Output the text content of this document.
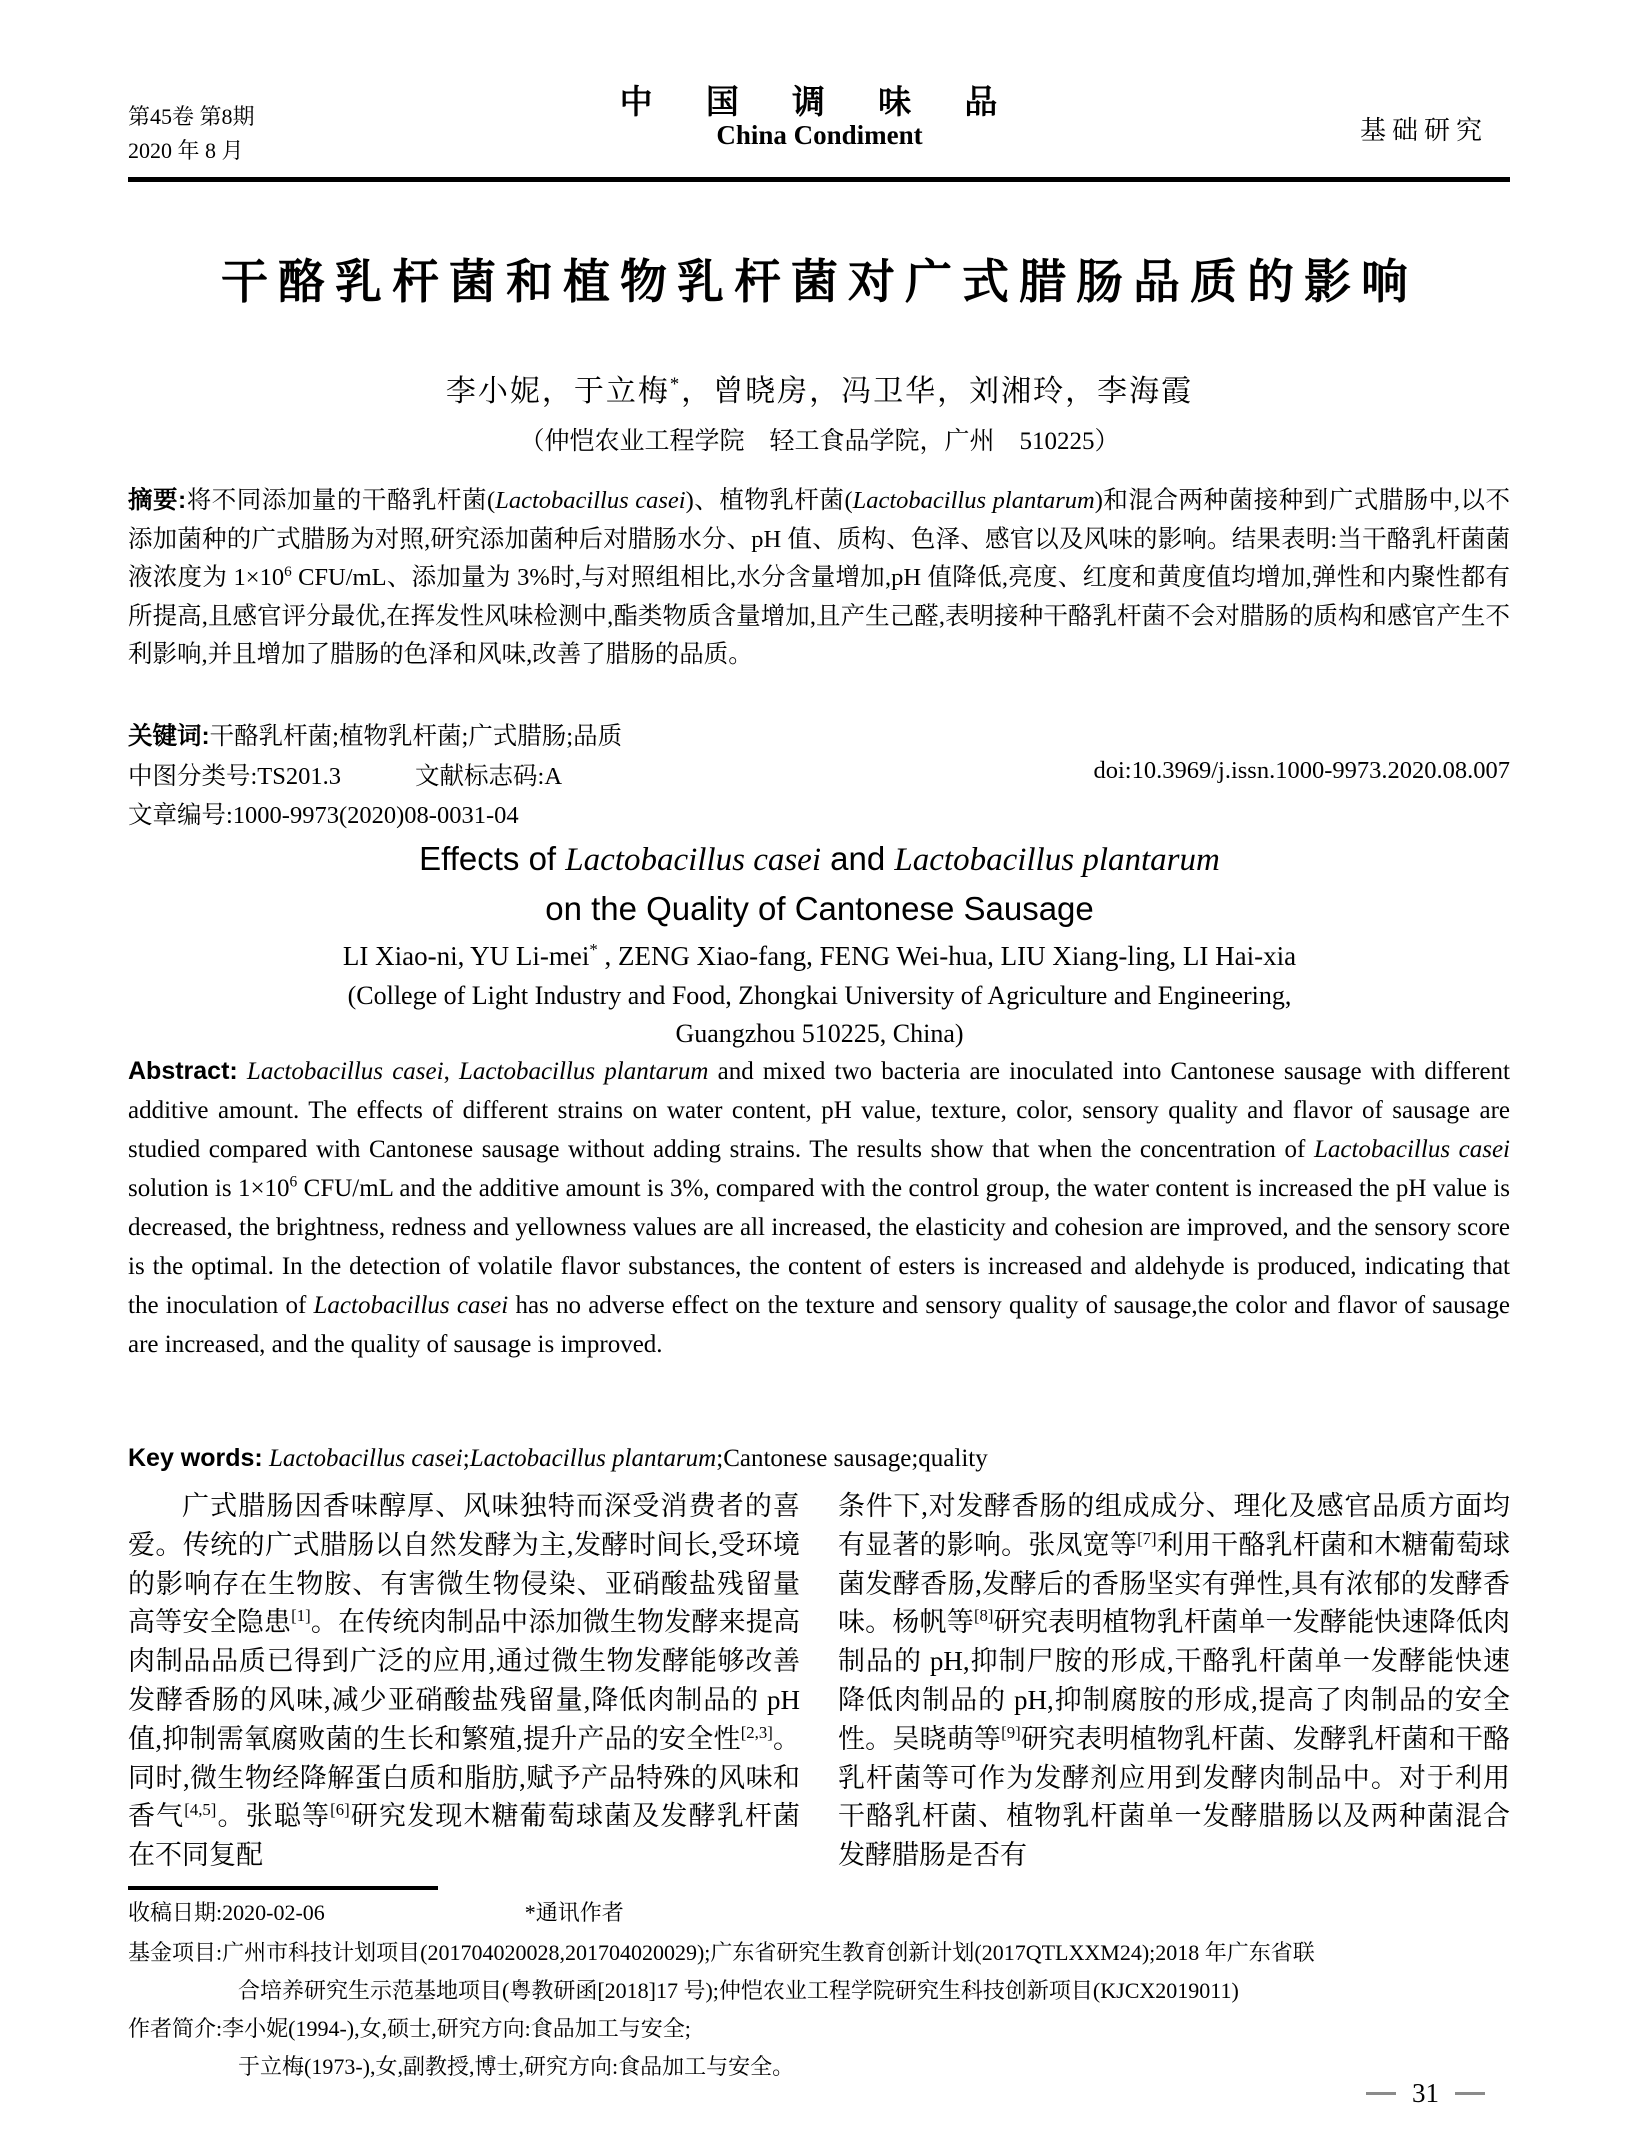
第45卷 第8期
2020 年 8 月
中 国 调 味 品
China Condiment	基础研究
干酪乳杆菌和植物乳杆菌对广式腊肠品质的影响
李小妮，于立梅*，曾晓房，冯卫华，刘湘玲，李海霞
（仲恺农业工程学院　轻工食品学院，广州　510225）
摘要:将不同添加量的干酪乳杆菌(Lactobacillus casei)、植物乳杆菌(Lactobacillus plantarum)和混合两种菌接种到广式腊肠中,以不添加菌种的广式腊肠为对照,研究添加菌种后对腊肠水分、pH 值、质构、色泽、感官以及风味的影响。结果表明:当干酪乳杆菌菌液浓度为 $1\times 10^6$ CFU/mL、添加量为 3%时,与对照组相比,水分含量增加,pH 值降低,亮度、红度和黄度值均增加,弹性和内聚性都有所提高,且感官评分最优,在挥发性风味检测中,酯类物质含量增加,且产生己醛,表明接种干酪乳杆菌不会对腊肠的质构和感官产生不利影响,并且增加了腊肠的色泽和风味,改善了腊肠的品质。
关键词:干酪乳杆菌;植物乳杆菌;广式腊肠;品质
中图分类号:TS201.3	文献标志码:A	doi:10.3969/j.issn.1000-9973.2020.08.007
文章编号:1000-9973(2020)08-0031-04
Effects of Lactobacillus casei and Lactobacillus plantarum
on the Quality of Cantonese Sausage
LI Xiao-ni, YU Li-mei* , ZENG Xiao-fang, FENG Wei-hua, LIU Xiang-ling, LI Hai-xia
(College of Light Industry and Food, Zhongkai University of Agriculture and Engineering,
Guangzhou 510225, China)
Abstract: Lactobacillus casei, Lactobacillus plantarum and mixed two bacteria are inoculated into Cantonese sausage with different additive amount. The effects of different strains on water content, pH value, texture, color, sensory quality and flavor of sausage are studied compared with Cantonese sausage without adding strains. The results show that when the concentration of Lactobacillus casei solution is $1\times 10^6$ CFU/mL and the additive amount is 3%, compared with the control group, the water content is increased the pH value is decreased, the brightness, redness and yellowness values are all increased, the elasticity and cohesion are improved, and the sensory score is the optimal. In the detection of volatile flavor substances, the content of esters is increased and aldehyde is produced, indicating that the inoculation of Lactobacillus casei has no adverse effect on the texture and sensory quality of sausage,the color and flavor of sausage are increased, and the quality of sausage is improved.
Key words: Lactobacillus casei;Lactobacillus plantarum;Cantonese sausage;quality
广式腊肠因香味醇厚、风味独特而深受消费者的喜爱。传统的广式腊肠以自然发酵为主,发酵时间长,受环境的影响存在生物胺、有害微生物侵染、亚硝酸盐残留量高等安全隐患[1]。在传统肉制品中添加微生物发酵来提高肉制品品质已得到广泛的应用,通过微生物发酵能够改善发酵香肠的风味,减少亚硝酸盐残留量,降低肉制品的 pH 值,抑制需氧腐败菌的生长和繁殖,提升产品的安全性[2,3]。同时,微生物经降解蛋白质和脂肪,赋予产品特殊的风味和香气[4,5]。张聪等[6]研究发现木糖葡萄球菌及发酵乳杆菌在不同复配
条件下,对发酵香肠的组成成分、理化及感官品质方面均有显著的影响。张凤宽等[7]利用干酪乳杆菌和木糖葡萄球菌发酵香肠,发酵后的香肠坚实有弹性,具有浓郁的发酵香味。杨帆等[8]研究表明植物乳杆菌单一发酵能快速降低肉制品的 pH,抑制尸胺的形成,干酪乳杆菌单一发酵能快速降低肉制品的 pH,抑制腐胺的形成,提高了肉制品的安全性。吴晓萌等[9]研究表明植物乳杆菌、发酵乳杆菌和干酪乳杆菌等可作为发酵剂应用到发酵肉制品中。对于利用干酪乳杆菌、植物乳杆菌单一发酵腊肠以及两种菌混合发酵腊肠是否有
收稿日期:2020-02-06	*通讯作者
基金项目:广州市科技计划项目(201704020028,201704020029);广东省研究生教育创新计划(2017QTLXXM24);2018 年广东省联
合培养研究生示范基地项目(粤教研函[2018]17 号);仲恺农业工程学院研究生科技创新项目(KJCX2019011)
作者简介:李小妮(1994-),女,硕士,研究方向:食品加工与安全;
于立梅(1973-),女,副教授,博士,研究方向:食品加工与安全。
31
